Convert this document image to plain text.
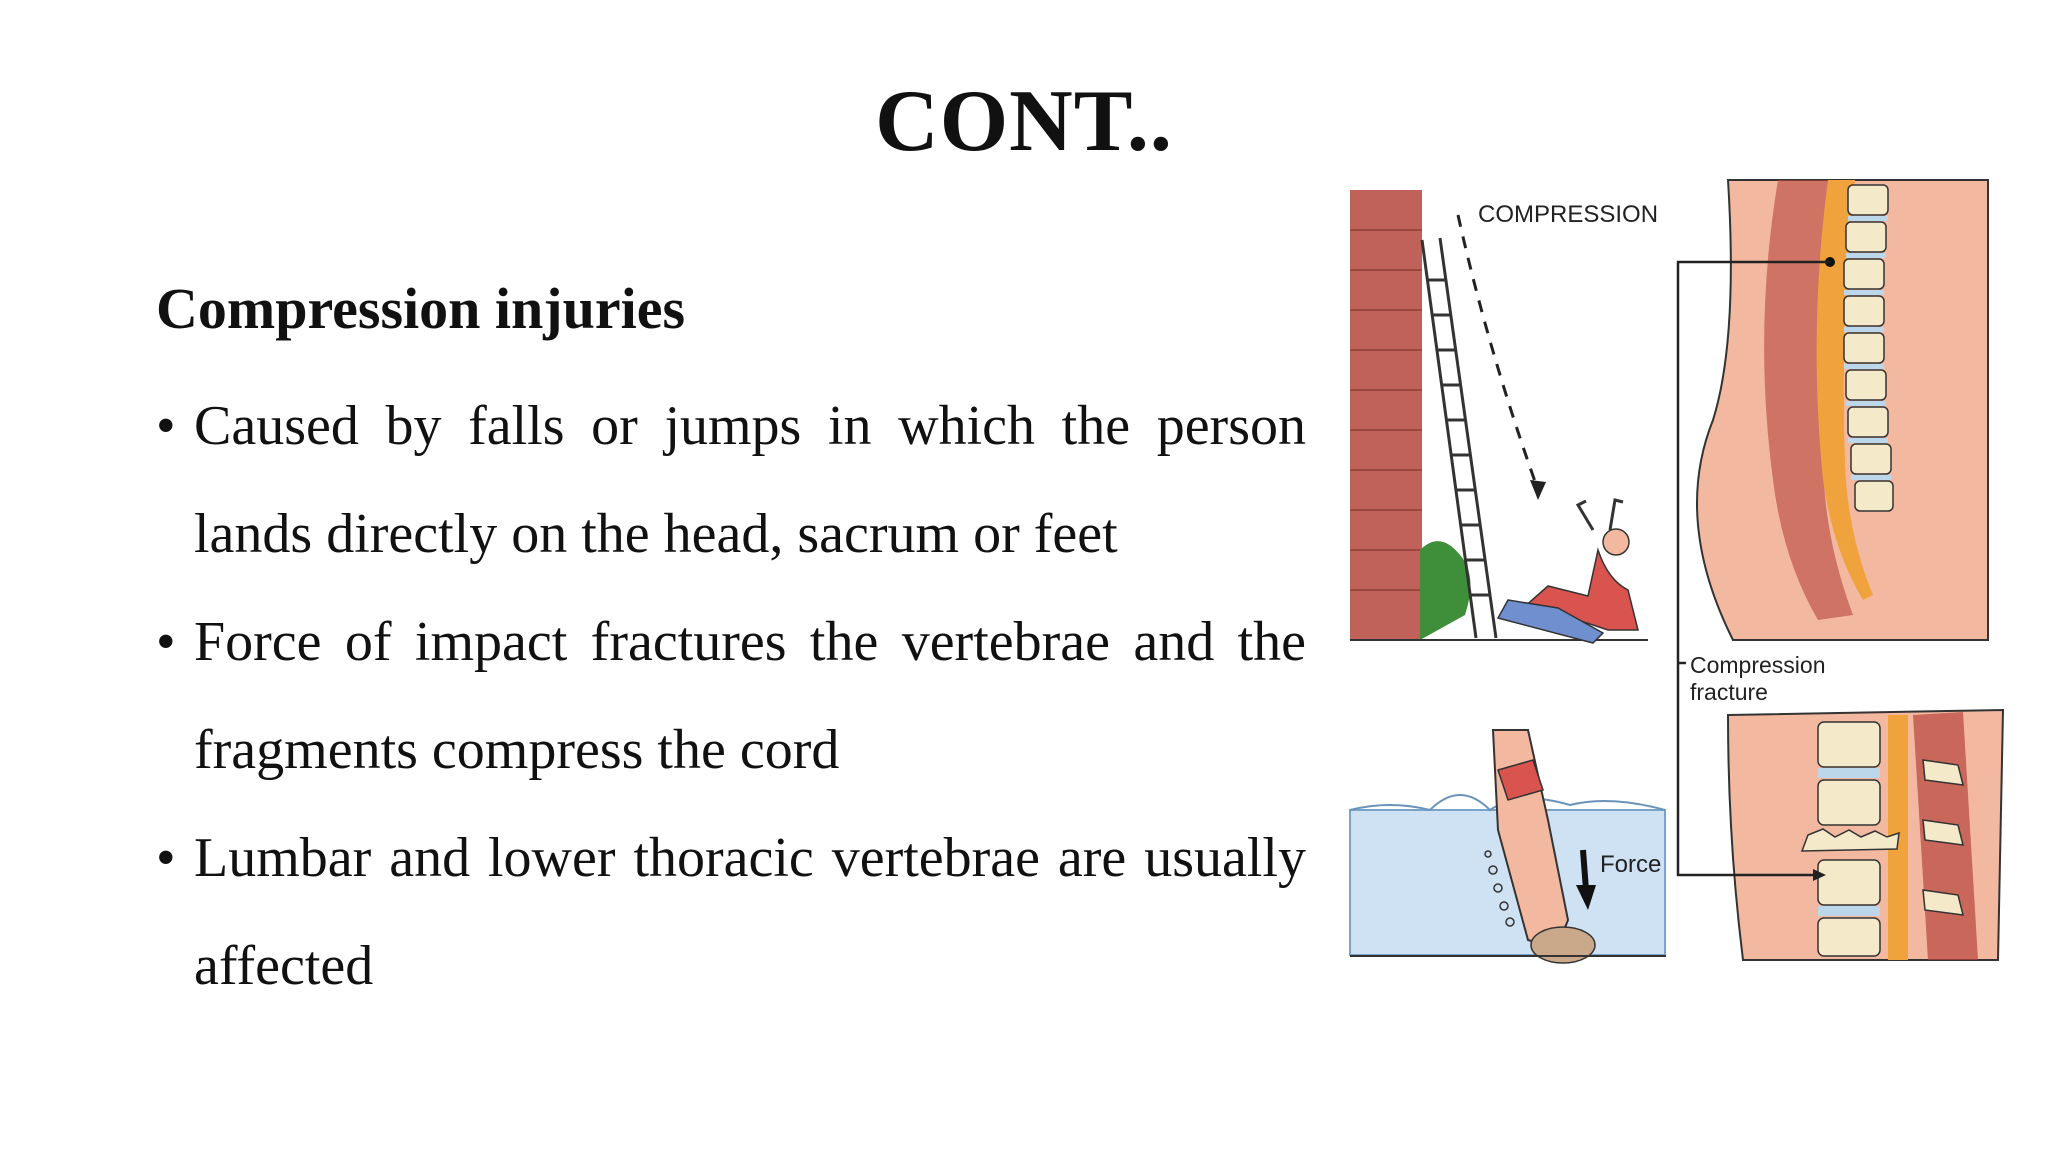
CONT..
Compression injuries
• Caused by falls or jumps in which the person lands directly on the head, sacrum or feet
• Force of impact fractures the vertebrae and the fragments compress the cord
• Lumbar and lower thoracic vertebrae are usually affected
COMPRESSION
Force
Compression
fracture
